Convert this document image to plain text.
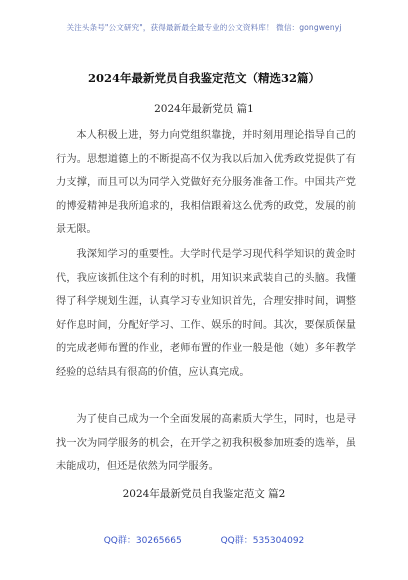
关注头条号"公文研究"，获得最新最全最专业的公文资料库！ 微信：gongwenyj
2024年最新党员自我鉴定范文（精选32篇）
2024年最新党员 篇1

本人积极上进，努力向党组织靠拢，并时刻用理论指导自己的行为。思想道德上的不断提高不仅为我以后加入优秀政党提供了有力支撑，而且可以为同学入党做好充分服务准备工作。中国共产党的博爱精神是我所追求的，我相信跟着这么优秀的政党，发展的前景无限。

我深知学习的重要性。大学时代是学习现代科学知识的黄金时代，我应该抓住这个有利的时机，用知识来武装自己的头脑。我懂得了科学规划生涯，认真学习专业知识首先，合理安排时间，调整好作息时间，分配好学习、工作、娱乐的时间。其次，要保质保量的完成老师布置的作业，老师布置的作业一般是他（她）多年教学经验的总结具有很高的价值，应认真完成。

为了使自己成为一个全面发展的高素质大学生，同时，也是寻找一次为同学服务的机会，在开学之初我积极参加班委的选举，虽未能成功，但还是依然为同学服务。

2024年最新党员自我鉴定范文 篇2
QQ群：30265665	QQ群：535304092
